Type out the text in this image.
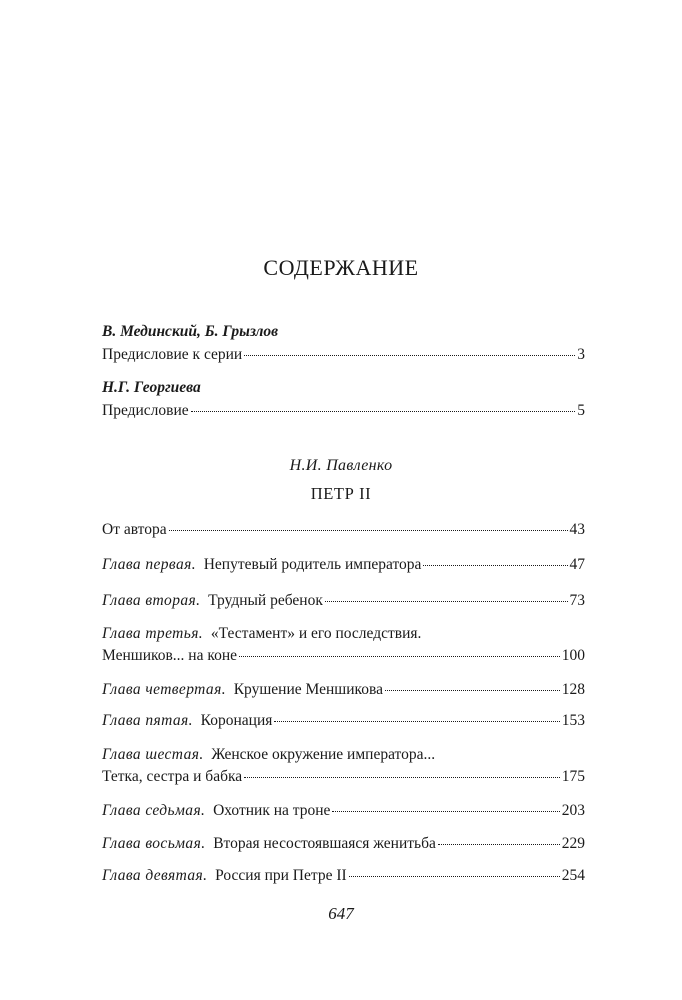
СОДЕРЖАНИЕ
В. Мединский, Б. Грызлов
Предисловие к серии	3
Н.Г. Георгиева
Предисловие	5
Н.И. Павленко
ПЕТР II
От автора	43
Глава первая. Непутевый родитель императора	47
Глава вторая. Трудный ребенок	73
Глава третья. «Тестамент» и его последствия.
Меншиков... на коне	100
Глава четвертая. Крушение Меншикова	128
Глава пятая. Коронация	153
Глава шестая. Женское окружение императора...
Тетка, сестра и бабка	175
Глава седьмая. Охотник на троне	203
Глава восьмая. Вторая несостоявшаяся женитьба	229
Глава девятая. Россия при Петре II	254
647
